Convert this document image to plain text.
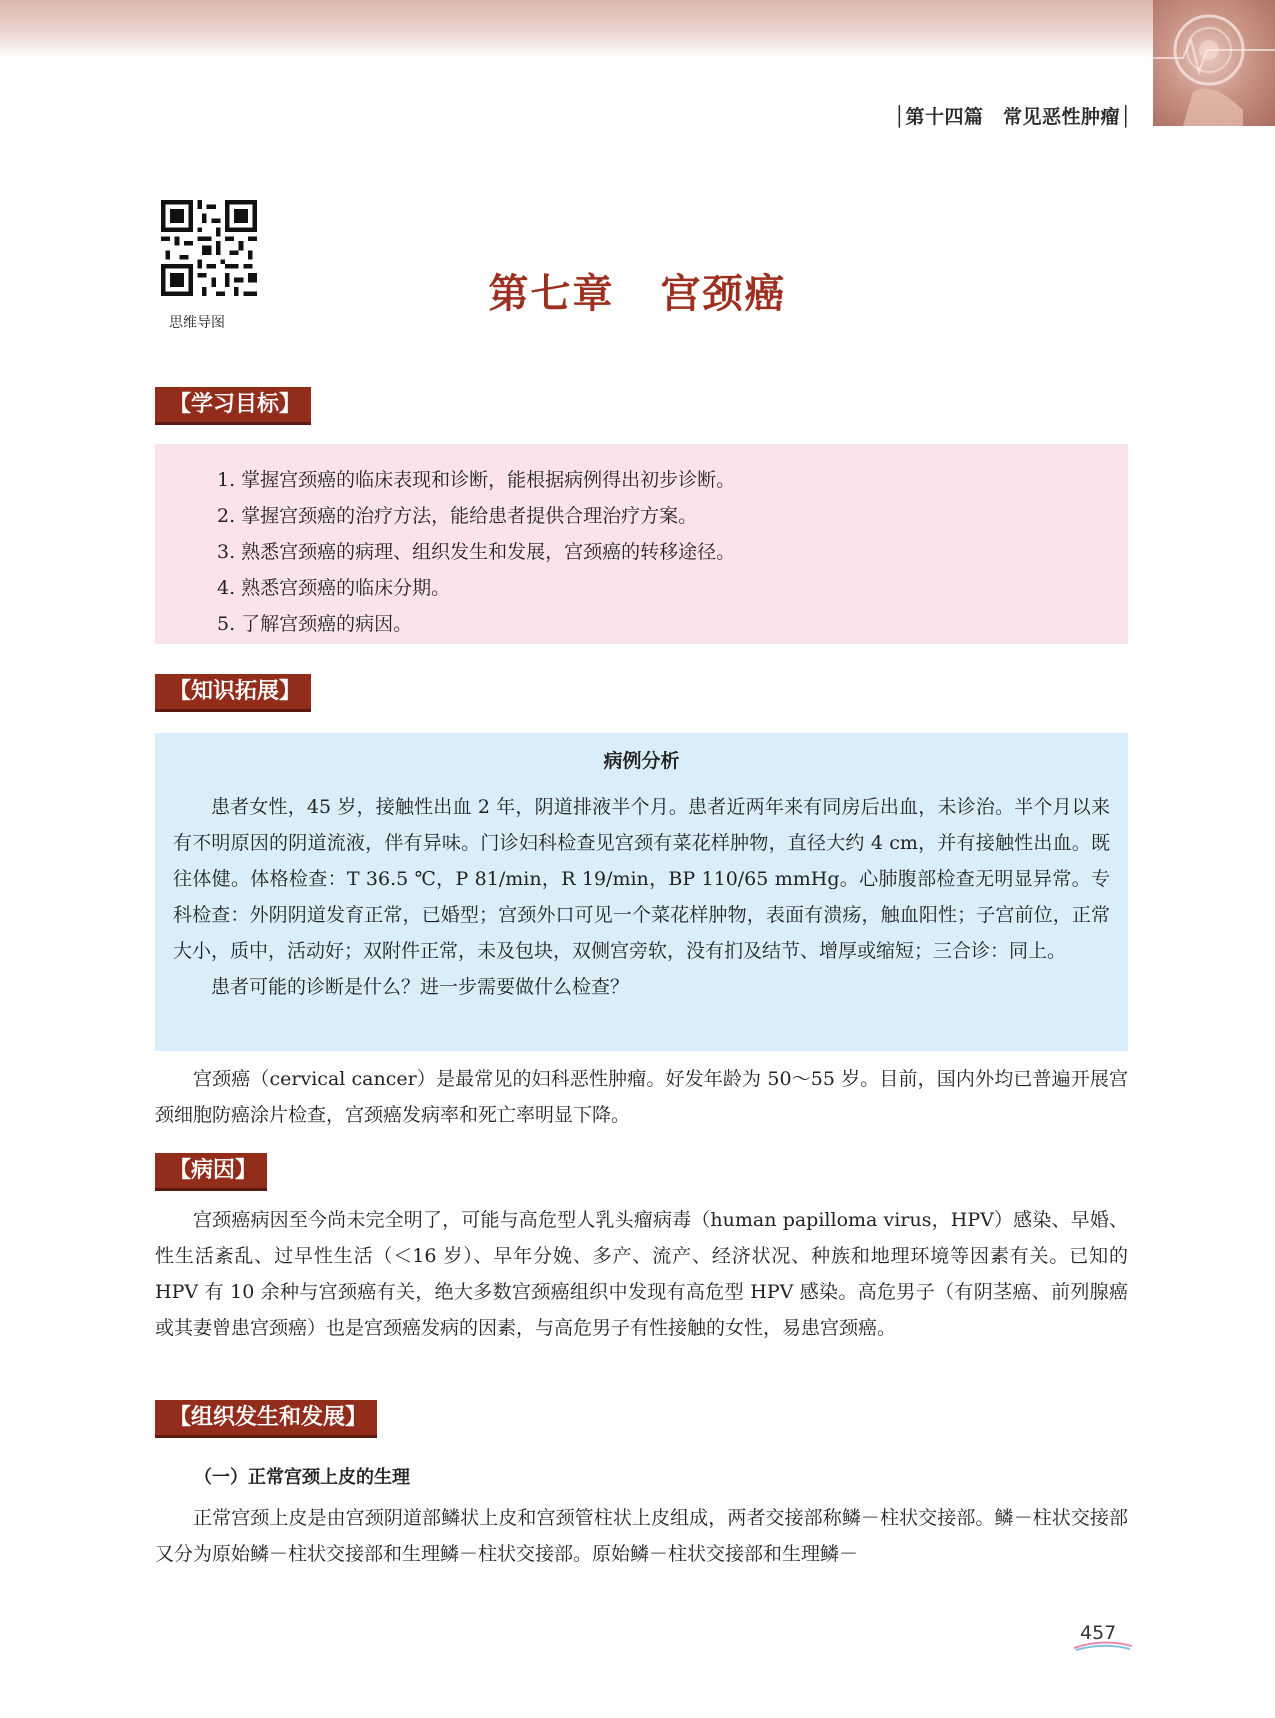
│第十四篇　常见恶性肿瘤│
思维导图
第七章 宫颈癌
【学习目标】
1. 掌握宫颈癌的临床表现和诊断，能根据病例得出初步诊断。
2. 掌握宫颈癌的治疗方法，能给患者提供合理治疗方案。
3. 熟悉宫颈癌的病理、组织发生和发展，宫颈癌的转移途径。
4. 熟悉宫颈癌的临床分期。
5. 了解宫颈癌的病因。
【知识拓展】
病例分析

患者女性，45 岁，接触性出血 2 年，阴道排液半个月。患者近两年来有同房后出血，未诊治。半个月以来有不明原因的阴道流液，伴有异味。门诊妇科检查见宫颈有菜花样肿物，直径大约 4 cm，并有接触性出血。既往体健。体格检查：T 36.5 ℃，P 81/min，R 19/min，BP 110/65 mmHg。心肺腹部检查无明显异常。专科检查：外阴阴道发育正常，已婚型；宫颈外口可见一个菜花样肿物，表面有溃疡，触血阳性；子宫前位，正常大小，质中，活动好；双附件正常，未及包块，双侧宫旁软，没有扪及结节、增厚或缩短；三合诊：同上。

患者可能的诊断是什么？进一步需要做什么检查？

宫颈癌（cervical cancer）是最常见的妇科恶性肿瘤。好发年龄为 50～55 岁。目前，国内外均已普遍开展宫颈细胞防癌涂片检查，宫颈癌发病率和死亡率明显下降。

【病因】

宫颈癌病因至今尚未完全明了，可能与高危型人乳头瘤病毒（human papilloma virus，HPV）感染、早婚、性生活紊乱、过早性生活（＜16 岁）、早年分娩、多产、流产、经济状况、种族和地理环境等因素有关。已知的 HPV 有 10 余种与宫颈癌有关，绝大多数宫颈癌组织中发现有高危型 HPV 感染。高危男子（有阴茎癌、前列腺癌或其妻曾患宫颈癌）也是宫颈癌发病的因素，与高危男子有性接触的女性，易患宫颈癌。

【组织发生和发展】
（一）正常宫颈上皮的生理

正常宫颈上皮是由宫颈阴道部鳞状上皮和宫颈管柱状上皮组成，两者交接部称鳞－柱状交接部。鳞－柱状交接部又分为原始鳞－柱状交接部和生理鳞－柱状交接部。原始鳞－柱状交接部和生理鳞－

457
